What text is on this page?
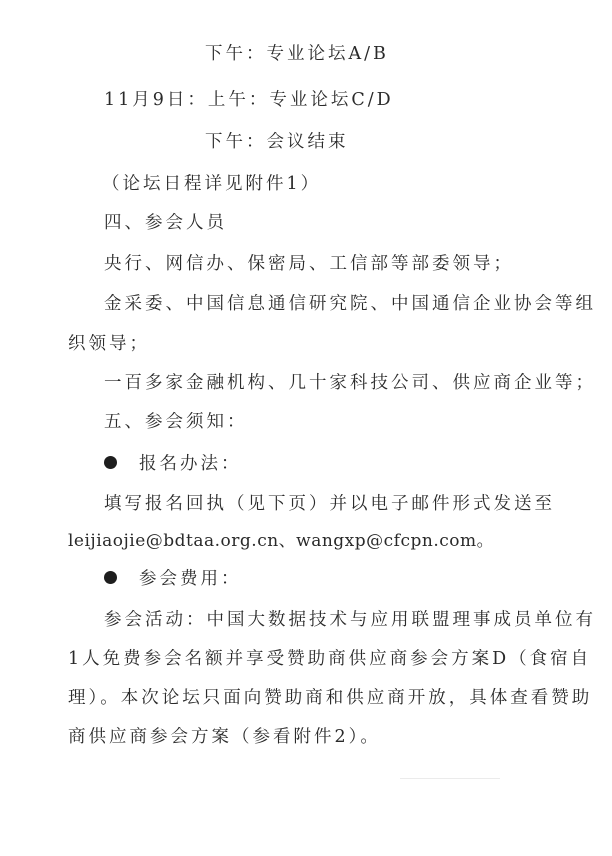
下午：专业论坛A/B
11月9日：上午：专业论坛C/D
下午：会议结束
（论坛日程详见附件1）
四、参会人员
央行、网信办、保密局、工信部等部委领导；
金采委、中国信息通信研究院、中国通信企业协会等组
织领导；
一百多家金融机构、几十家科技公司、供应商企业等；
五、参会须知：
报名办法：
填写报名回执（见下页）并以电子邮件形式发送至
leijiaojie@bdtaa.org.cn、wangxp@cfcpn.com。
参会费用：
参会活动：中国大数据技术与应用联盟理事成员单位有
1人免费参会名额并享受赞助商供应商参会方案D（食宿自
理）。本次论坛只面向赞助商和供应商开放，具体查看赞助
商供应商参会方案（参看附件2）。
